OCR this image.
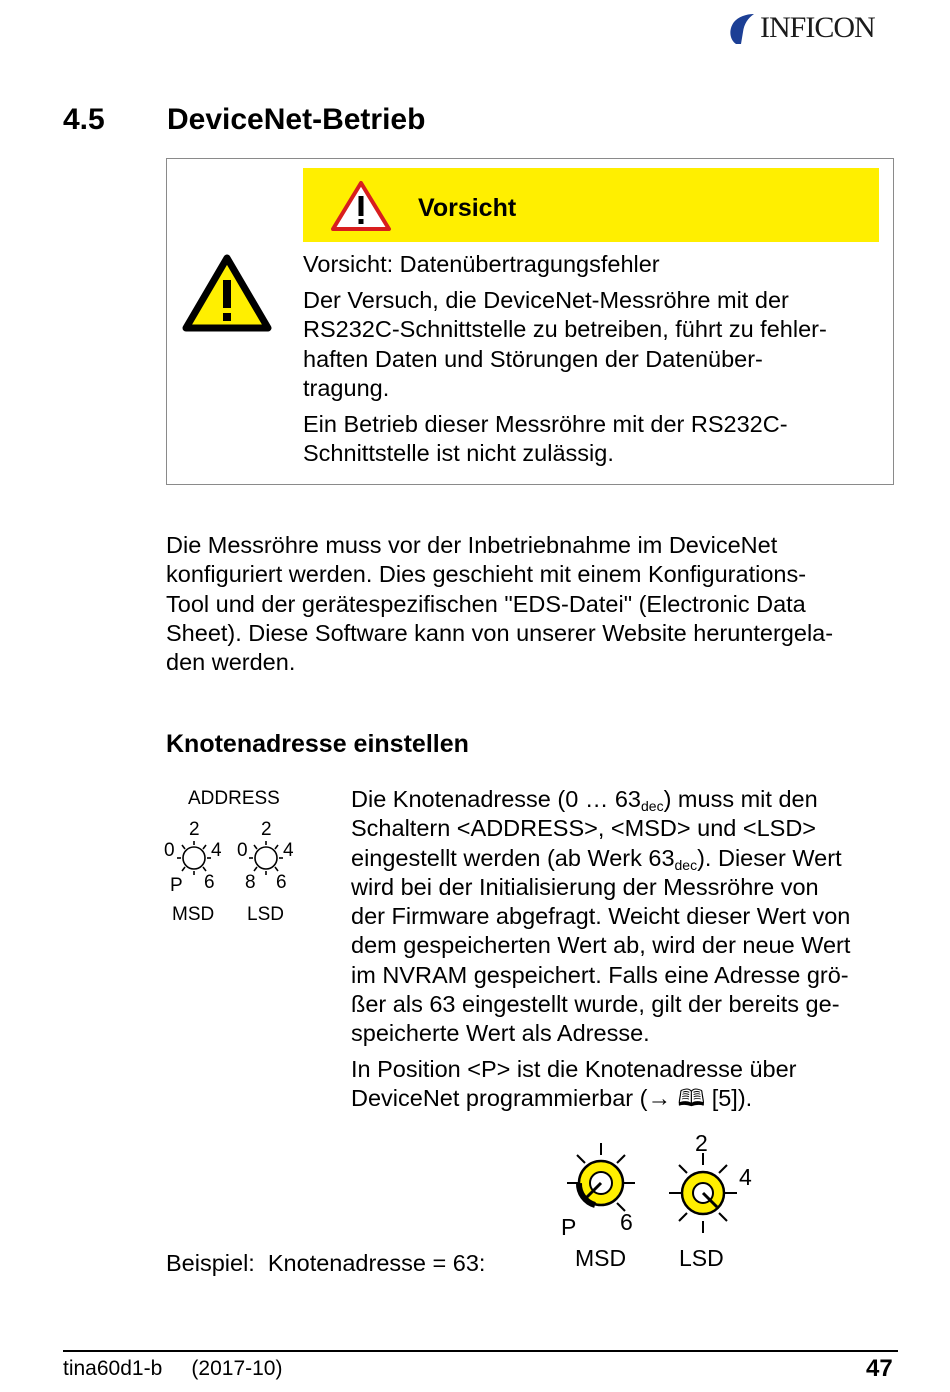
INFICON
4.5 DeviceNet-Betrieb
Vorsicht

Vorsicht: Datenübertragungsfehler

Der Versuch, die DeviceNet-Messröhre mit der
RS232C-Schnittstelle zu betreiben, führt zu fehler-
haften Daten und Störungen der Datenüber-
tragung.

Ein Betrieb dieser Messröhre mit der RS232C-
Schnittstelle ist nicht zulässig.

Die Messröhre muss vor der Inbetriebnahme im DeviceNet
konfiguriert werden. Dies geschieht mit einem Konfigurations-
Tool und der gerätespezifischen "EDS-Datei" (Electronic Data
Sheet). Diese Software kann von unserer Website heruntergela-
den werden.
Knotenadresse einstellen
ADDRESS
2
0 4
P 6
2
0 4
8 6
MSD LSD

Die Knotenadresse (0 … $63_{dec}$) muss mit den
Schaltern <ADDRESS>, <MSD> und <LSD>
eingestellt werden (ab Werk $63_{dec}$). Dieser Wert
wird bei der Initialisierung der Messröhre von
der Firmware abgefragt. Weicht dieser Wert von
dem gespeicherten Wert ab, wird der neue Wert
im NVRAM gespeichert. Falls eine Adresse grö-
ßer als 63 eingestellt wurde, gilt der bereits ge-
speicherte Wert als Adresse.

In Position <P> ist die Knotenadresse über
DeviceNet programmierbar (→ 🕮 [5]).

Beispiel:  Knotenadresse = 63:
P 6
2
4
MSD LSD
tina60d1-b     (2017-10)	47
